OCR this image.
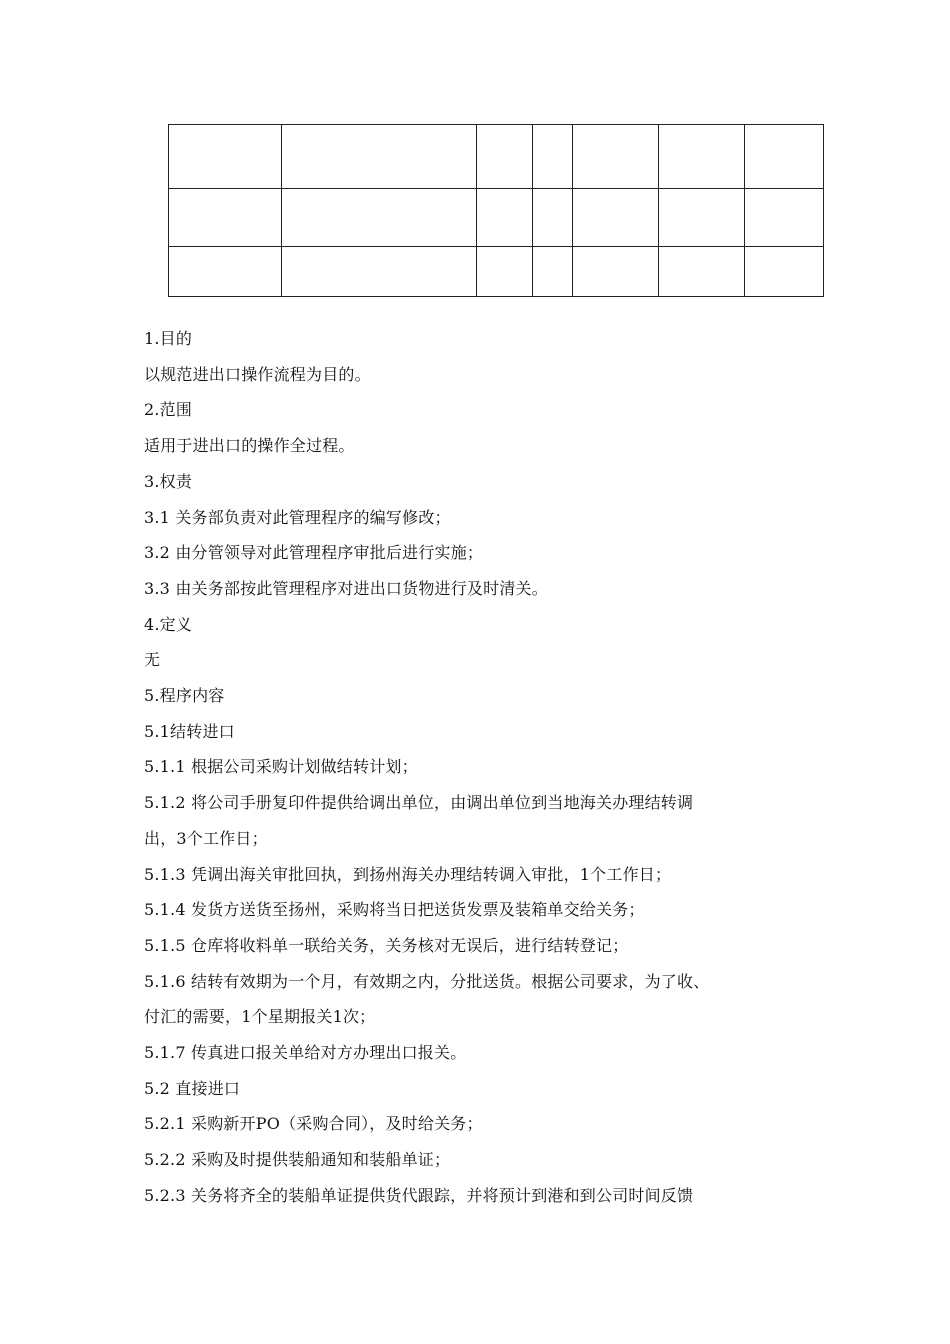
1.目的
以规范进出口操作流程为目的。
2.范围
适用于进出口的操作全过程。
3.权责
3.1 关务部负责对此管理程序的编写修改；
3.2 由分管领导对此管理程序审批后进行实施；
3.3 由关务部按此管理程序对进出口货物进行及时清关。
4.定义
无
5.程序内容
5.1结转进口
5.1.1 根据公司采购计划做结转计划；
5.1.2 将公司手册复印件提供给调出单位，由调出单位到当地海关办理结转调
出，3个工作日；
5.1.3 凭调出海关审批回执，到扬州海关办理结转调入审批，1个工作日；
5.1.4 发货方送货至扬州，采购将当日把送货发票及装箱单交给关务；
5.1.5 仓库将收料单一联给关务，关务核对无误后，进行结转登记；
5.1.6 结转有效期为一个月，有效期之内，分批送货。根据公司要求，为了收、
付汇的需要，1个星期报关1次；
5.1.7 传真进口报关单给对方办理出口报关。
5.2 直接进口
5.2.1 采购新开PO（采购合同），及时给关务；
5.2.2 采购及时提供装船通知和装船单证；
5.2.3 关务将齐全的装船单证提供货代跟踪，并将预计到港和到公司时间反馈
